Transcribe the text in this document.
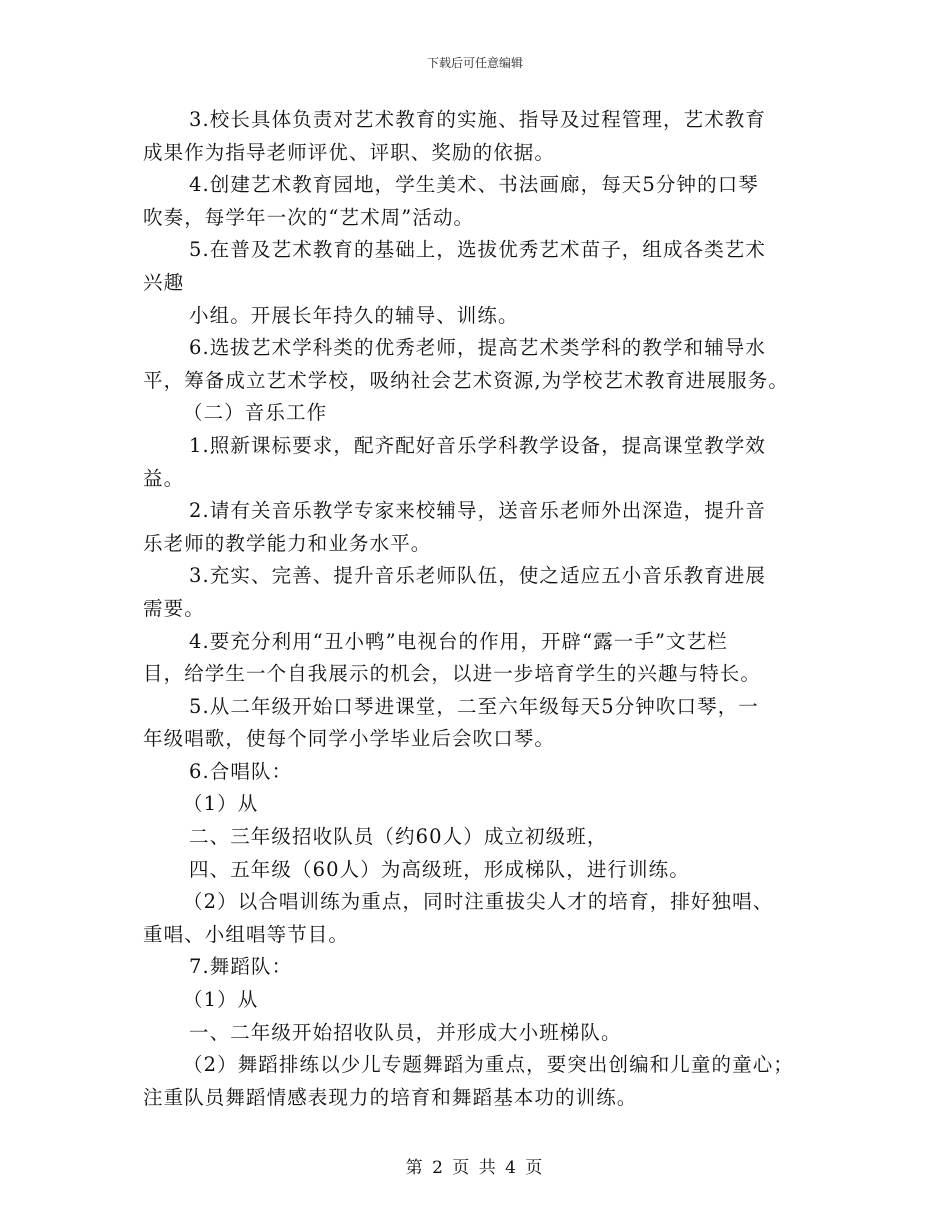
下载后可任意编辑
3.校长具体负责对艺术教育的实施、指导及过程管理，艺术教育
成果作为指导老师评优、评职、奖励的依据。
4.创建艺术教育园地，学生美术、书法画廊，每天5分钟的口琴
吹奏，每学年一次的“艺术周”活动。
5.在普及艺术教育的基础上，选拔优秀艺术苗子，组成各类艺术
兴趣
小组。开展长年持久的辅导、训练。
6.选拔艺术学科类的优秀老师，提高艺术类学科的教学和辅导水
平，筹备成立艺术学校，吸纳社会艺术资源,为学校艺术教育进展服务。
（二）音乐工作
1.照新课标要求，配齐配好音乐学科教学设备，提高课堂教学效
益。
2.请有关音乐教学专家来校辅导，送音乐老师外出深造，提升音
乐老师的教学能力和业务水平。
3.充实、完善、提升音乐老师队伍，使之适应五小音乐教育进展
需要。
4.要充分利用“丑小鸭”电视台的作用，开辟“露一手”文艺栏
目，给学生一个自我展示的机会，以进一步培育学生的兴趣与特长。
5.从二年级开始口琴进课堂，二至六年级每天5分钟吹口琴，一
年级唱歌，使每个同学小学毕业后会吹口琴。
6.合唱队：
（1）从
二、三年级招收队员（约60人）成立初级班，
四、五年级（60人）为高级班，形成梯队，进行训练。
（2）以合唱训练为重点，同时注重拔尖人才的培育，排好独唱、
重唱、小组唱等节目。
7.舞蹈队：
（1）从
一、二年级开始招收队员，并形成大小班梯队。
（2）舞蹈排练以少儿专题舞蹈为重点，要突出创编和儿童的童心；
注重队员舞蹈情感表现力的培育和舞蹈基本功的训练。
第 2 页 共 4 页
